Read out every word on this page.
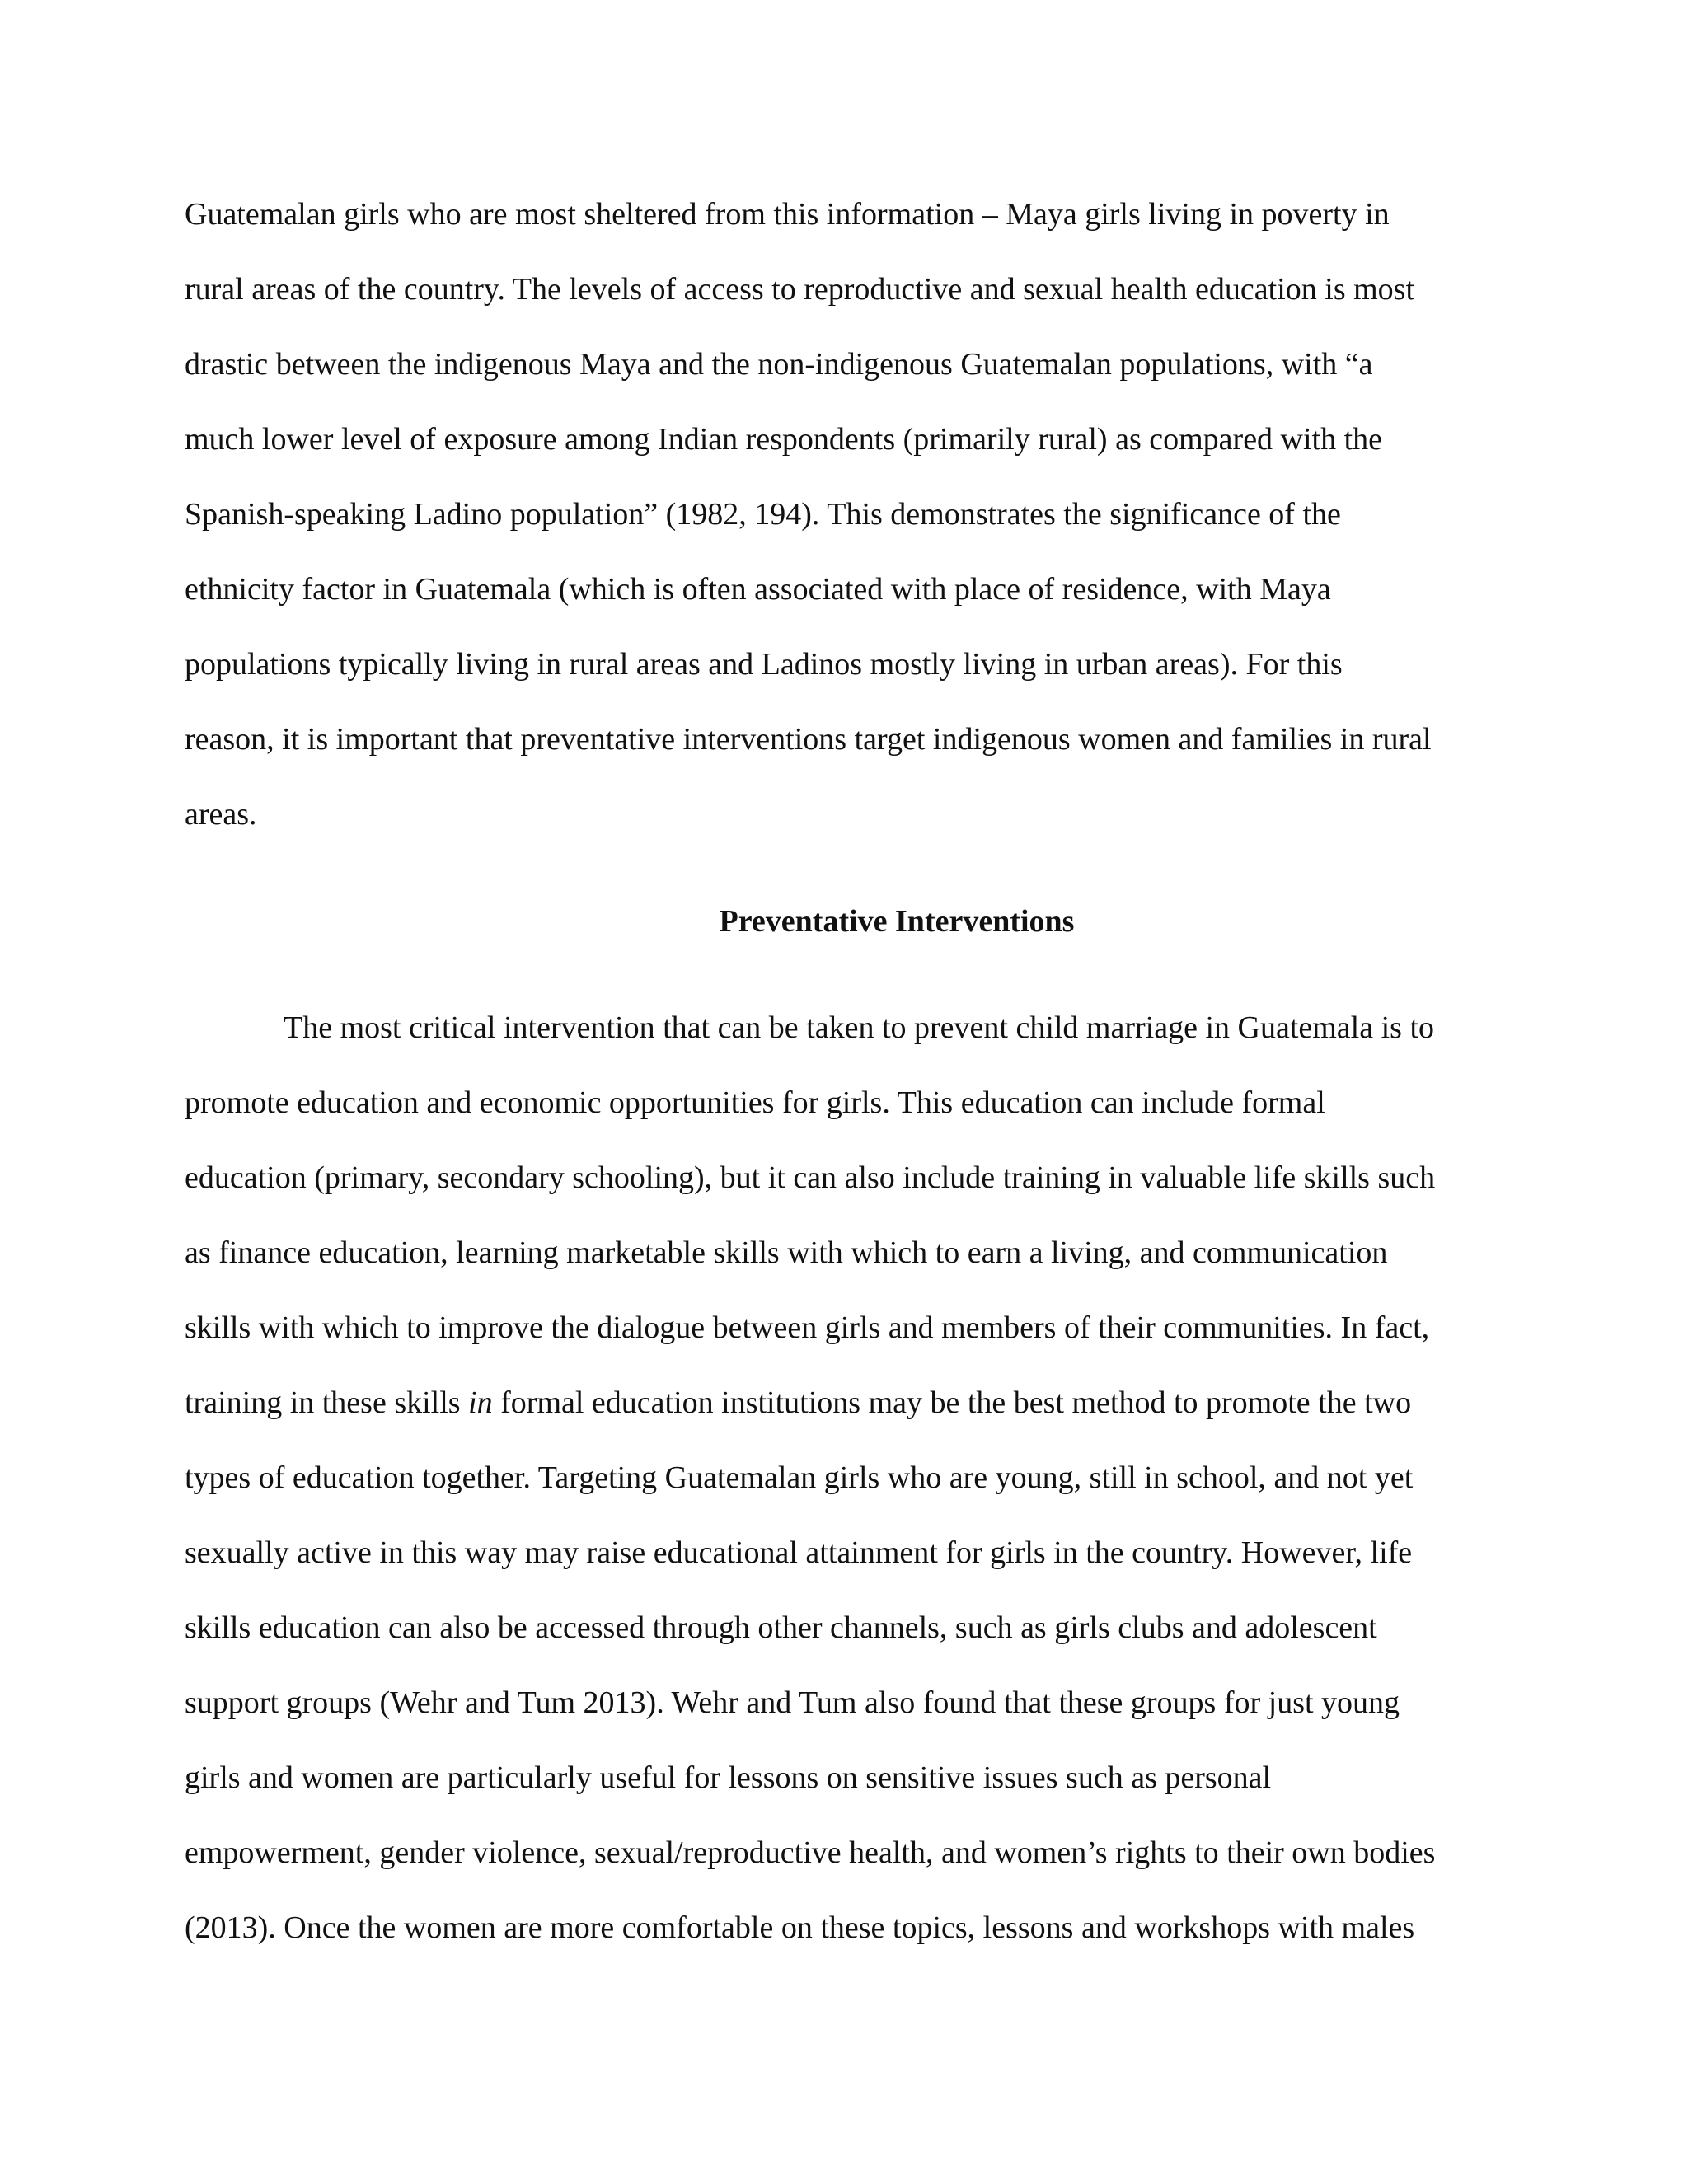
Guatemalan girls who are most sheltered from this information – Maya girls living in poverty in

rural areas of the country. The levels of access to reproductive and sexual health education is most

drastic between the indigenous Maya and the non-indigenous Guatemalan populations, with “a

much lower level of exposure among Indian respondents (primarily rural) as compared with the

Spanish-speaking Ladino population” (1982, 194). This demonstrates the significance of the

ethnicity factor in Guatemala (which is often associated with place of residence, with Maya

populations typically living in rural areas and Ladinos mostly living in urban areas). For this

reason, it is important that preventative interventions target indigenous women and families in rural

areas.

Preventative Interventions

The most critical intervention that can be taken to prevent child marriage in Guatemala is to

promote education and economic opportunities for girls. This education can include formal

education (primary, secondary schooling), but it can also include training in valuable life skills such

as finance education, learning marketable skills with which to earn a living, and communication

skills with which to improve the dialogue between girls and members of their communities. In fact,

training in these skills in formal education institutions may be the best method to promote the two

types of education together. Targeting Guatemalan girls who are young, still in school, and not yet

sexually active in this way may raise educational attainment for girls in the country. However, life

skills education can also be accessed through other channels, such as girls clubs and adolescent

support groups (Wehr and Tum 2013). Wehr and Tum also found that these groups for just young

girls and women are particularly useful for lessons on sensitive issues such as personal

empowerment, gender violence, sexual/reproductive health, and women’s rights to their own bodies

(2013). Once the women are more comfortable on these topics, lessons and workshops with males
